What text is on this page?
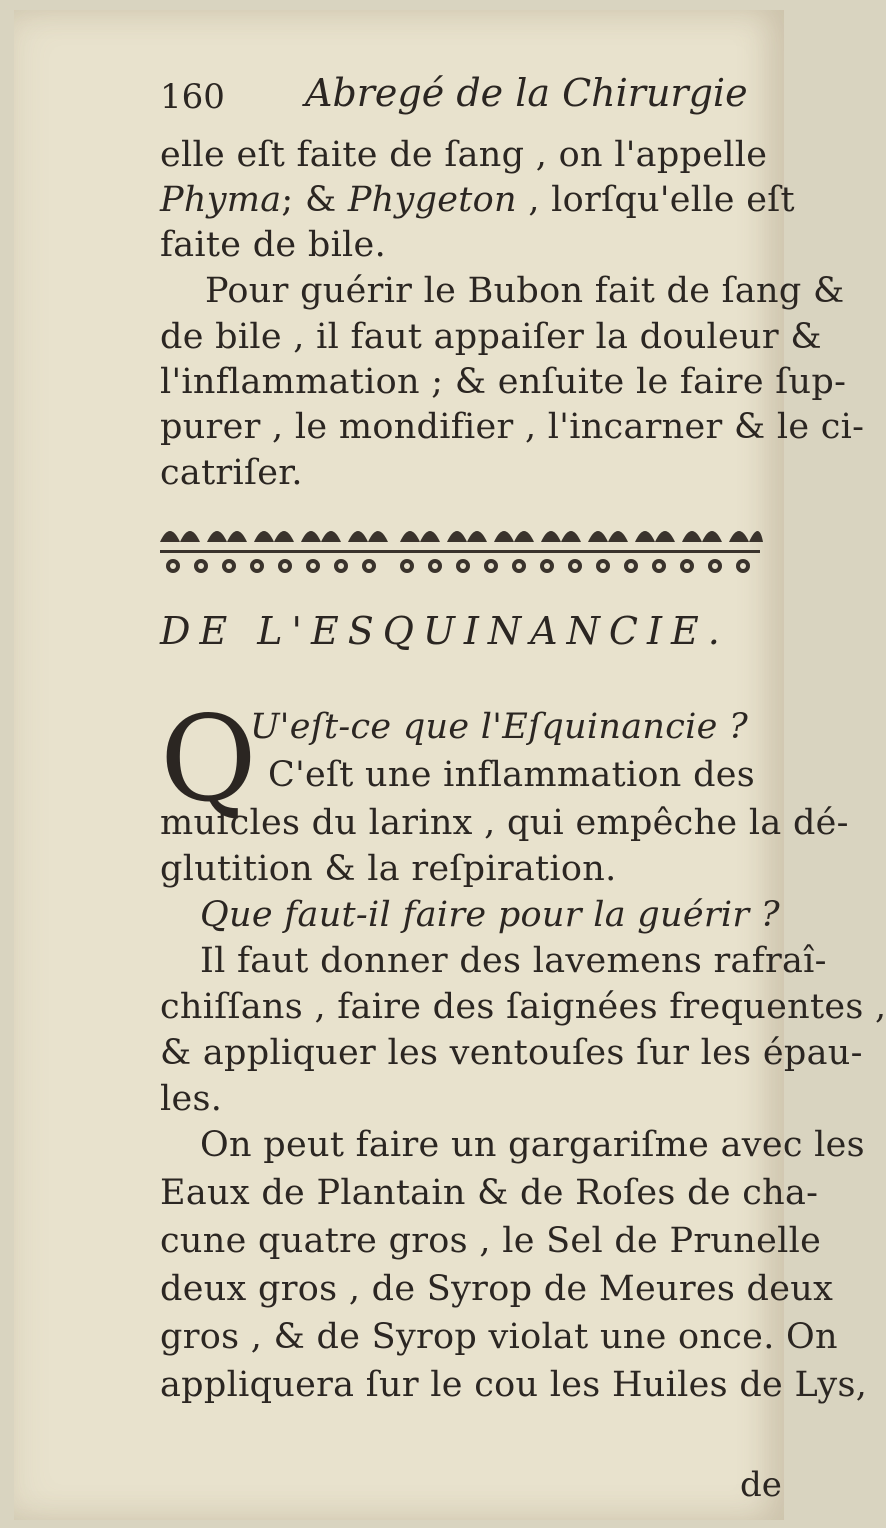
160 Abregé de la Chirurgie
elle eſt faite de ſang , on l'appelle
Phyma; & Phygeton , lorſqu'elle eſt
faite de bile.
Pour guérir le Bubon fait de ſang &
de bile , il faut appaiſer la douleur &
l'inflammation ; & enſuite le faire ſup-
purer , le mondifier , l'incarner & le ci-
catriſer.
DE L'ESQUINANCIE.
Q
U'eſt-ce que l'Eſquinancie ?
C'eſt une inflammation des
muſcles du larinx , qui empêche la dé-
glutition & la reſpiration.
Que faut-il faire pour la guérir ?
Il faut donner des lavemens rafraî-
chiſſans , faire des ſaignées frequentes ,
& appliquer les ventouſes ſur les épau-
les.
On peut faire un gargariſme avec les
Eaux de Plantain & de Roſes de cha-
cune quatre gros , le Sel de Prunelle
deux gros , de Syrop de Meures deux
gros , & de Syrop violat une once. On
appliquera ſur le cou les Huiles de Lys,
de
